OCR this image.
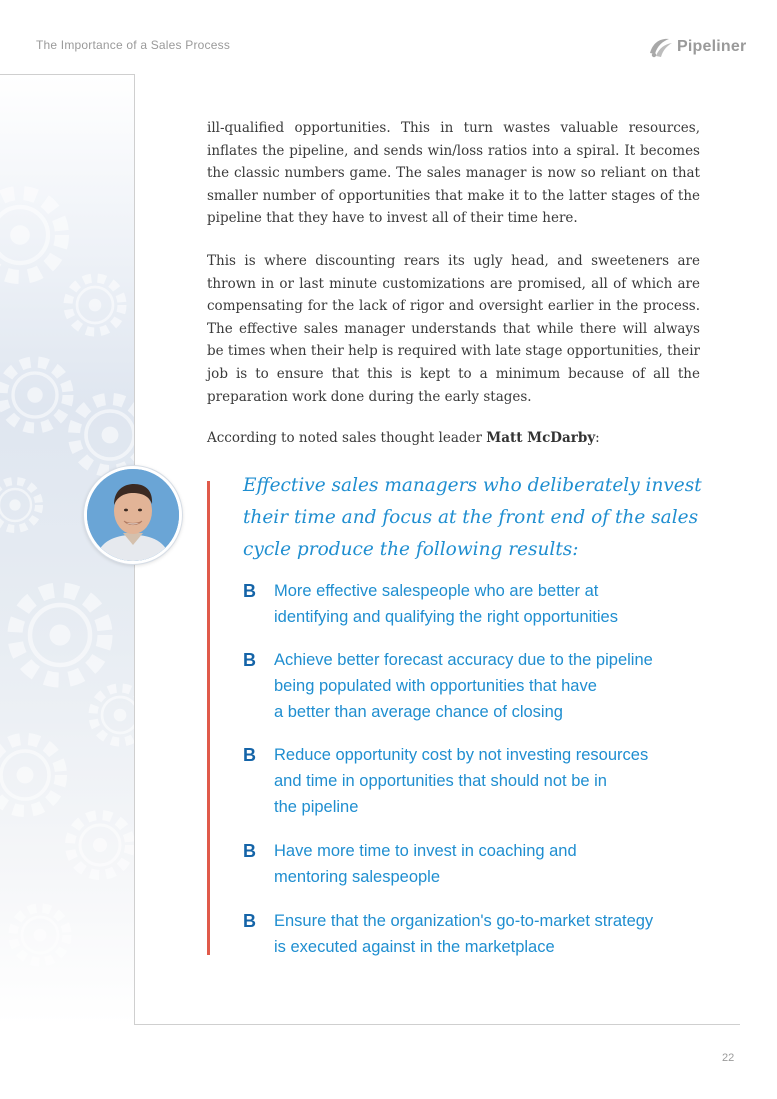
The Importance of a Sales Process	Pipeliner

ill-qualified opportunities. This in turn wastes valuable resources, inflates the pipeline, and sends win/loss ratios into a spiral. It becomes the classic numbers game. The sales manager is now so reliant on that smaller number of opportunities that make it to the latter stages of the pipeline that they have to invest all of their time here.

This is where discounting rears its ugly head, and sweeteners are thrown in or last minute customizations are promised, all of which are compensating for the lack of rigor and oversight earlier in the process. The effective sales manager understands that while there will always be times when their help is required with late stage opportunities, their job is to ensure that this is kept to a minimum because of all the preparation work done during the early stages.

According to noted sales thought leader Matt McDarby:

Effective sales managers who deliberately invest their time and focus at the front end of the sales cycle produce the following results:

B More effective salespeople who are better at
identifying and qualifying the right opportunities

B Achieve better forecast accuracy due to the pipeline
being populated with opportunities that have
a better than average chance of closing

B Reduce opportunity cost by not investing resources
and time in opportunities that should not be in
the pipeline

B Have more time to invest in coaching and
mentoring salespeople

B Ensure that the organization's go-to-market strategy
is executed against in the marketplace

22
